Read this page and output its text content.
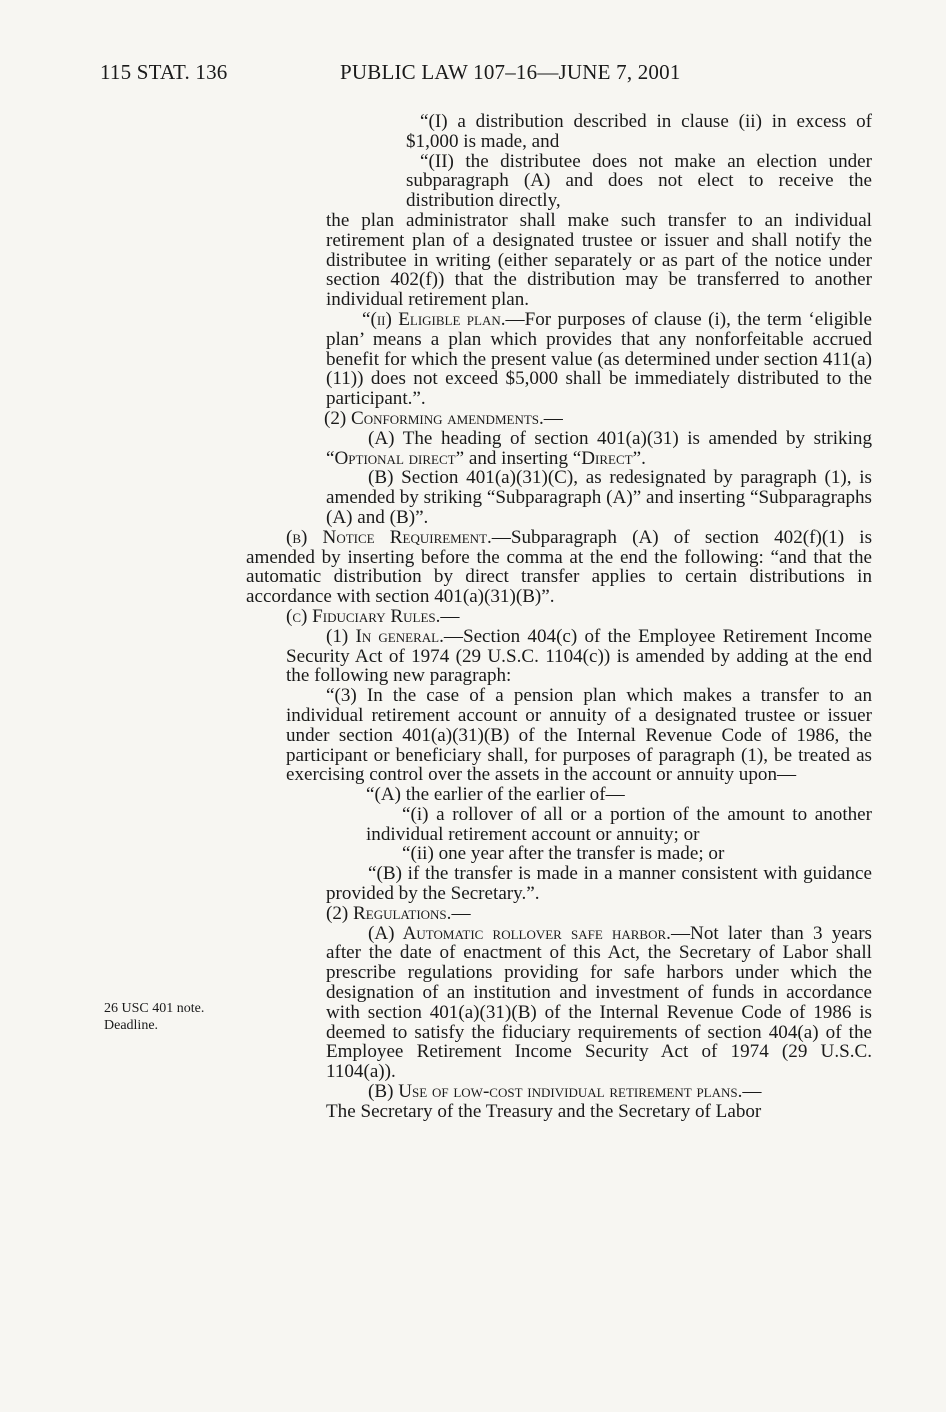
115 STAT. 136	PUBLIC LAW 107–16—JUNE 7, 2001
26 USC 401 note.
Deadline.

“(I) a distribution described in clause (ii) in excess of $1,000 is made, and

“(II) the distributee does not make an election under subparagraph (A) and does not elect to receive the distribution directly,

the plan administrator shall make such transfer to an individual retirement plan of a designated trustee or issuer and shall notify the distributee in writing (either separately or as part of the notice under section 402(f)) that the distribution may be transferred to another individual retirement plan.

“(ii) Eligible plan.—For purposes of clause (i), the term ‘eligible plan’ means a plan which provides that any nonforfeitable accrued benefit for which the present value (as determined under section 411(a)(11)) does not exceed $5,000 shall be immediately distributed to the participant.”.

(2) Conforming amendments.—

(A) The heading of section 401(a)(31) is amended by striking “Optional direct” and inserting “Direct”.

(B) Section 401(a)(31)(C), as redesignated by paragraph (1), is amended by striking “Subparagraph (A)” and inserting “Subparagraphs (A) and (B)”.

(b) Notice Requirement.—Subparagraph (A) of section 402(f)(1) is amended by inserting before the comma at the end the following: “and that the automatic distribution by direct transfer applies to certain distributions in accordance with section 401(a)(31)(B)”.

(c) Fiduciary Rules.—

(1) In general.—Section 404(c) of the Employee Retirement Income Security Act of 1974 (29 U.S.C. 1104(c)) is amended by adding at the end the following new paragraph:

“(3) In the case of a pension plan which makes a transfer to an individual retirement account or annuity of a designated trustee or issuer under section 401(a)(31)(B) of the Internal Revenue Code of 1986, the participant or beneficiary shall, for purposes of paragraph (1), be treated as exercising control over the assets in the account or annuity upon—

“(A) the earlier of the earlier of—

“(i) a rollover of all or a portion of the amount to another individual retirement account or annuity; or

“(ii) one year after the transfer is made; or

“(B) if the transfer is made in a manner consistent with guidance provided by the Secretary.”.

(2) Regulations.—

(A) Automatic rollover safe harbor.—Not later than 3 years after the date of enactment of this Act, the Secretary of Labor shall prescribe regulations providing for safe harbors under which the designation of an institution and investment of funds in accordance with section 401(a)(31)(B) of the Internal Revenue Code of 1986 is deemed to satisfy the fiduciary requirements of section 404(a) of the Employee Retirement Income Security Act of 1974 (29 U.S.C. 1104(a)).

(B) Use of low-cost individual retirement plans.—

The Secretary of the Treasury and the Secretary of Labor
